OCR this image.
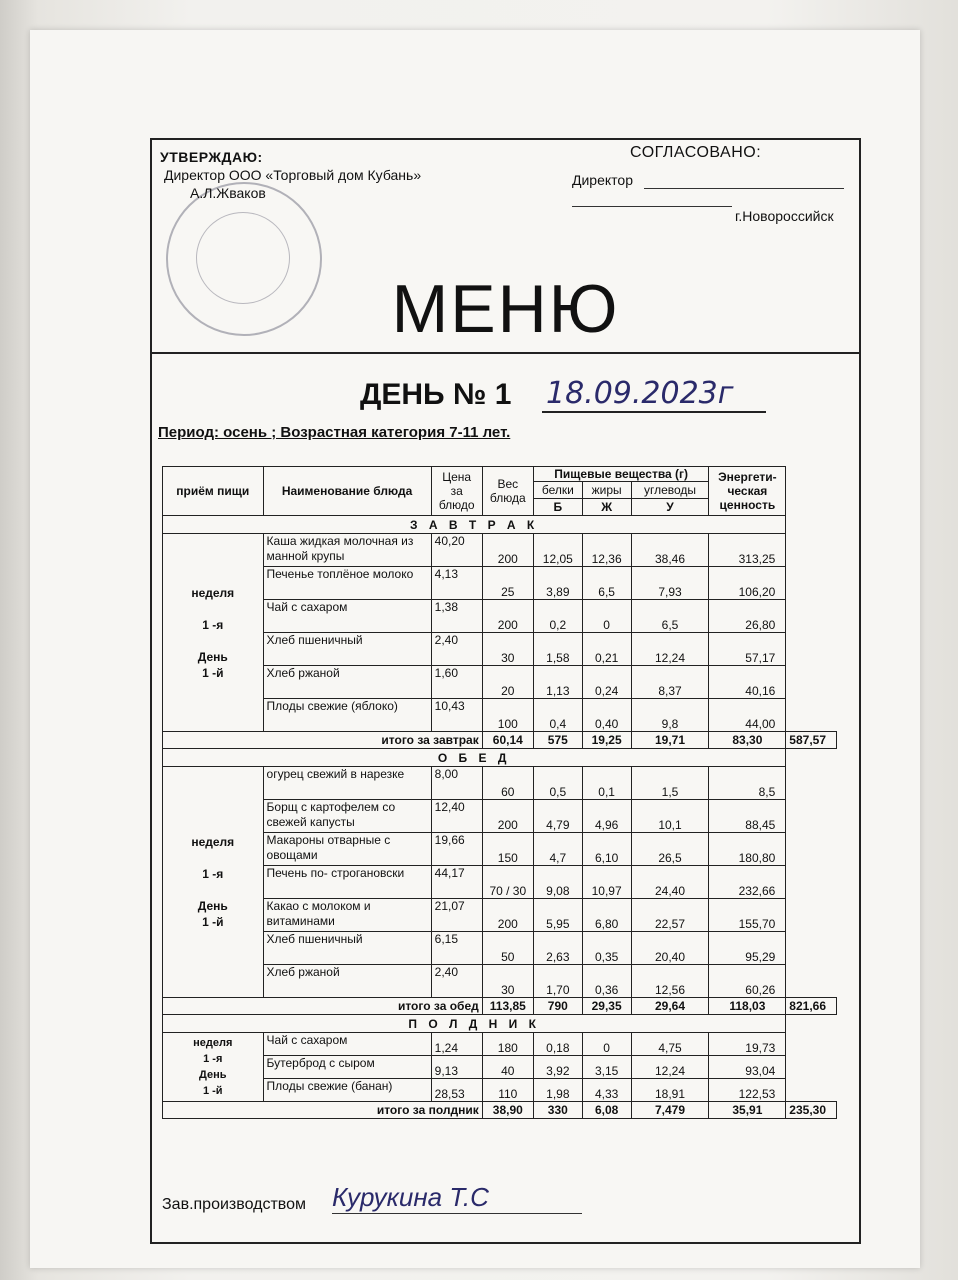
УТВЕРЖДАЮ:
Директор ООО «Торговый дом Кубань»
А.Л.Жваков
СОГЛАСОВАНО:
Директор
г.Новороссийск
МЕНЮ
ДЕНЬ № 1 18.09.2023г
Период: осень ; Возрастная категория 7-11 лет.
приём пищи	Наименование блюда	Цена за блюдо	Вес блюда	Пищевые вещества (г)			Энергети-ческая ценность	
				белки	жиры	углеводы		
				Б	Ж	У		
З А В Т Р А К								
неделя

1 -я

День
1 -й	Каша жидкая молочная из манной крупы	40,20	200	12,05	12,36	38,46	313,25	
	Печенье топлёное молоко	4,13	25	3,89	6,5	7,93	106,20	
	Чай с сахаром	1,38	200	0,2	0	6,5	26,80	
	Хлеб пшеничный	2,40	30	1,58	0,21	12,24	57,17	
	Хлеб ржаной	1,60	20	1,13	0,24	8,37	40,16	
	Плоды свежие (яблоко)	10,43	100	0,4	0,40	9,8	44,00	
итого за завтрак			60,14	575	19,25	19,71	83,30	587,57
О Б Е Д								
неделя

1 -я

День
1 -й	огурец свежий в нарезке	8,00	60	0,5	0,1	1,5	8,5	
	Борщ с картофелем со свежей капусты	12,40	200	4,79	4,96	10,1	88,45	
	Макароны отварные с овощами	19,66	150	4,7	6,10	26,5	180,80	
	Печень по- строгановски	44,17	70 / 30	9,08	10,97	24,40	232,66	
	Какао с молоком и витаминами	21,07	200	5,95	6,80	22,57	155,70	
	Хлеб пшеничный	6,15	50	2,63	0,35	20,40	95,29	
	Хлеб ржаной	2,40	30	1,70	0,36	12,56	60,26	
итого за обед			113,85	790	29,35	29,64	118,03	821,66
П О Л Д Н И К								
неделя
1 -я
День
1 -й	Чай с сахаром	1,24	180	0,18	0	4,75	19,73	
	Бутерброд с сыром	9,13	40	3,92	3,15	12,24	93,04	
	Плоды свежие (банан)	28,53	110	1,98	4,33	18,91	122,53	
итого за полдник			38,90	330	6,08	7,479	35,91	235,30
Зав.производством Курукина Т.С
